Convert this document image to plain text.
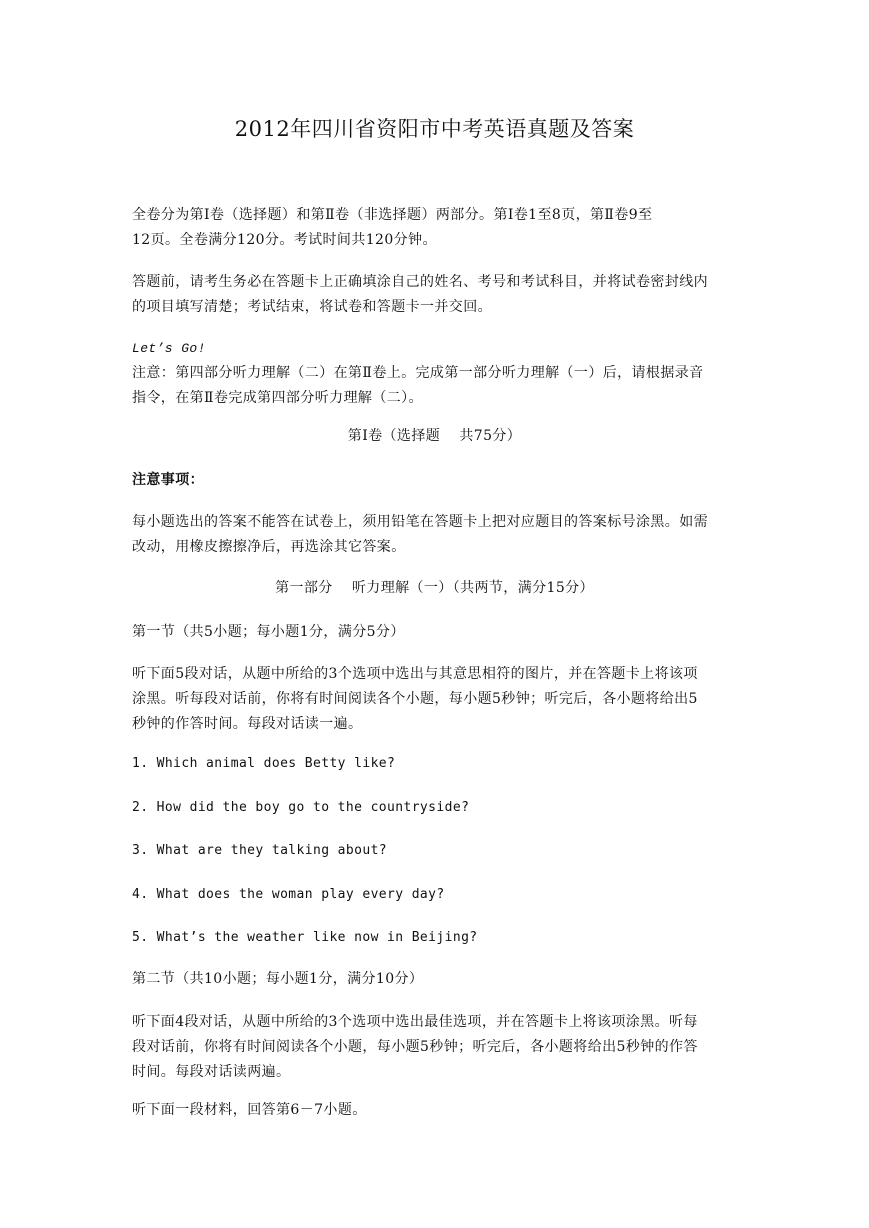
2012年四川省资阳市中考英语真题及答案
全卷分为第Ⅰ卷（选择题）和第Ⅱ卷（非选择题）两部分。第Ⅰ卷1至8页，第Ⅱ卷9至
12页。全卷满分120分。考试时间共120分钟。
答题前，请考生务必在答题卡上正确填涂自己的姓名、考号和考试科目，并将试卷密封线内
的项目填写清楚；考试结束，将试卷和答题卡一并交回。
Let’s Go!
注意：第四部分听力理解（二）在第Ⅱ卷上。完成第一部分听力理解（一）后，请根据录音
指令，在第Ⅱ卷完成第四部分听力理解（二）。
第Ⅰ卷（选择题　 共75分）
注意事项：
每小题选出的答案不能答在试卷上，须用铅笔在答题卡上把对应题目的答案标号涂黑。如需
改动，用橡皮擦擦净后，再选涂其它答案。
第一部分　 听力理解（一）（共两节，满分15分）
第一节（共5小题；每小题1分，满分5分）
听下面5段对话，从题中所给的3个选项中选出与其意思相符的图片，并在答题卡上将该项
涂黑。听每段对话前，你将有时间阅读各个小题，每小题5秒钟；听完后，各小题将给出5
秒钟的作答时间。每段对话读一遍。
1. Which animal does Betty like?
2. How did the boy go to the countryside?
3. What are they talking about?
4. What does the woman play every day?
5. What’s the weather like now in Beijing?
第二节（共10小题；每小题1分，满分10分）
听下面4段对话，从题中所给的3个选项中选出最佳选项，并在答题卡上将该项涂黑。听每
段对话前，你将有时间阅读各个小题，每小题5秒钟；听完后，各小题将给出5秒钟的作答
时间。每段对话读两遍。
听下面一段材料，回答第6－7小题。
